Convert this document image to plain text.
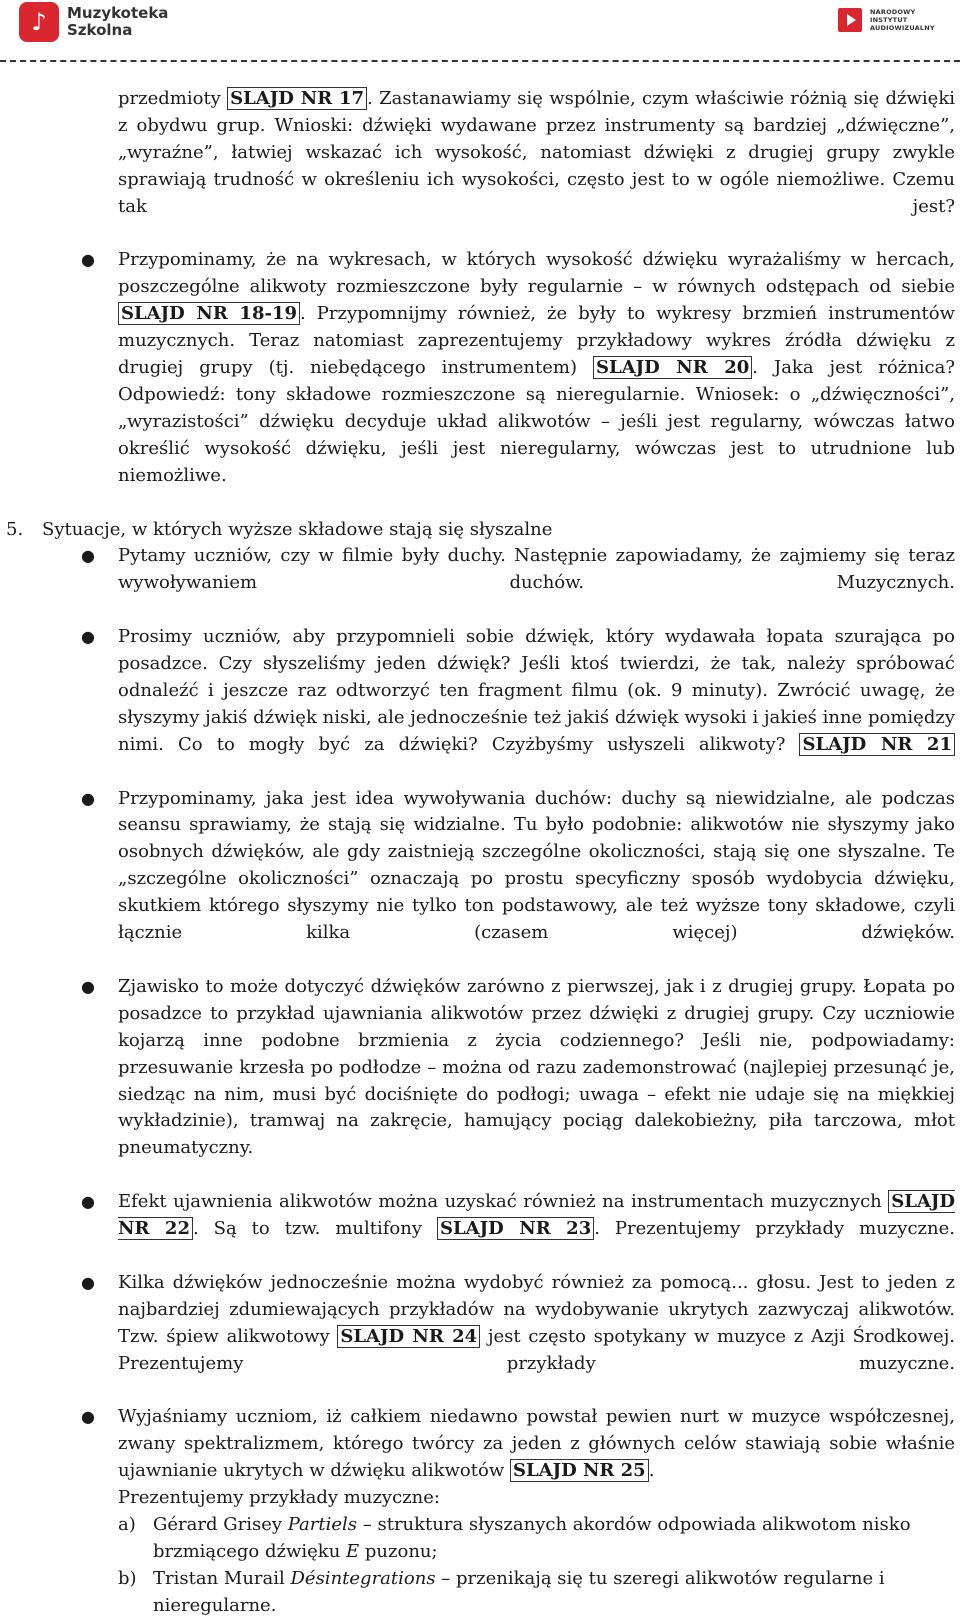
♪	Muzykoteka Szkolna
NARODOWY INSTYTUT AUDIOWIZUALNY
przedmioty SLAJD NR 17 . Zastanawiamy się wspólnie, czym właściwie różnią się dźwięki z obydwu grup. Wnioski: dźwięki wydawane przez instrumenty są bardziej „dźwięczne”, „wyraźne”, łatwiej wskazać ich wysokość, natomiast dźwięki z drugiej grupy zwykle sprawiają trudność w określeniu ich wysokości, często jest to w ogóle niemożliwe. Czemu tak jest?
● Przypominamy, że na wykresach, w których wysokość dźwięku wyrażaliśmy w hercach, poszczególne alikwoty rozmieszczone były regularnie – w równych odstępach od siebie SLAJD NR 18-19 . Przypomnijmy również, że były to wykresy brzmień instrumentów muzycznych. Teraz natomiast zaprezentujemy przykładowy wykres źródła dźwięku z drugiej grupy (tj. niebędącego instrumentem) SLAJD NR 20 . Jaka jest różnica? Odpowiedź: tony składowe rozmieszczone są nieregularnie. Wniosek: o „dźwięczności”, „wyrazistości” dźwięku decyduje układ alikwotów – jeśli jest regularny, wówczas łatwo określić wysokość dźwięku, jeśli jest nieregularny, wówczas jest to utrudnione lub niemożliwe.
5. Sytuacje, w których wyższe składowe stają się słyszalne
● Pytamy uczniów, czy w filmie były duchy. Następnie zapowiadamy, że zajmiemy się teraz wywoływaniem duchów. Muzycznych.
● Prosimy uczniów, aby przypomnieli sobie dźwięk, który wydawała łopata szurająca po posadzce. Czy słyszeliśmy jeden dźwięk? Jeśli ktoś twierdzi, że tak, należy spróbować odnaleźć i jeszcze raz odtworzyć ten fragment filmu (ok. 9 minuty). Zwrócić uwagę, że słyszymy jakiś dźwięk niski, ale jednocześnie też jakiś dźwięk wysoki i jakieś inne pomiędzy nimi. Co to mogły być za dźwięki? Czyżbyśmy usłyszeli alikwoty? SLAJD NR 21
● Przypominamy, jaka jest idea wywoływania duchów: duchy są niewidzialne, ale podczas seansu sprawiamy, że stają się widzialne. Tu było podobnie: alikwotów nie słyszymy jako osobnych dźwięków, ale gdy zaistnieją szczególne okoliczności, stają się one słyszalne. Te „szczególne okoliczności” oznaczają po prostu specyficzny sposób wydobycia dźwięku, skutkiem którego słyszymy nie tylko ton podstawowy, ale też wyższe tony składowe, czyli łącznie kilka (czasem więcej) dźwięków.
● Zjawisko to może dotyczyć dźwięków zarówno z pierwszej, jak i z drugiej grupy. Łopata po posadzce to przykład ujawniania alikwotów przez dźwięki z drugiej grupy. Czy uczniowie kojarzą inne podobne brzmienia z życia codziennego? Jeśli nie, podpowiadamy: przesuwanie krzesła po podłodze – można od razu zademonstrować (najlepiej przesunąć je, siedząc na nim, musi być dociśnięte do podłogi; uwaga – efekt nie udaje się na miękkiej wykładzinie), tramwaj na zakręcie, hamujący pociąg dalekobieżny, piła tarczowa, młot pneumatyczny.
● Efekt ujawnienia alikwotów można uzyskać również na instrumentach muzycznych SLAJD NR 22 . Są to tzw. multifony SLAJD NR 23 . Prezentujemy przykłady muzyczne.
● Kilka dźwięków jednocześnie można wydobyć również za pomocą... głosu. Jest to jeden z najbardziej zdumiewających przykładów na wydobywanie ukrytych zazwyczaj alikwotów. Tzw. śpiew alikwotowy SLAJD NR 24 jest często spotykany w muzyce z Azji Środkowej. Prezentujemy przykłady muzyczne.
● Wyjaśniamy uczniom, iż całkiem niedawno powstał pewien nurt w muzyce współczesnej, zwany spektralizmem, którego twórcy za jeden z głównych celów stawiają sobie właśnie ujawnianie ukrytych w dźwięku alikwotów SLAJD NR 25 .
Prezentujemy przykłady muzyczne:
a) Gérard Grisey Partiels – struktura słyszanych akordów odpowiada alikwotom nisko brzmiącego dźwięku E puzonu;
b) Tristan Murail Désintegrations – przenikają się tu szeregi alikwotów regularne i nieregularne.
